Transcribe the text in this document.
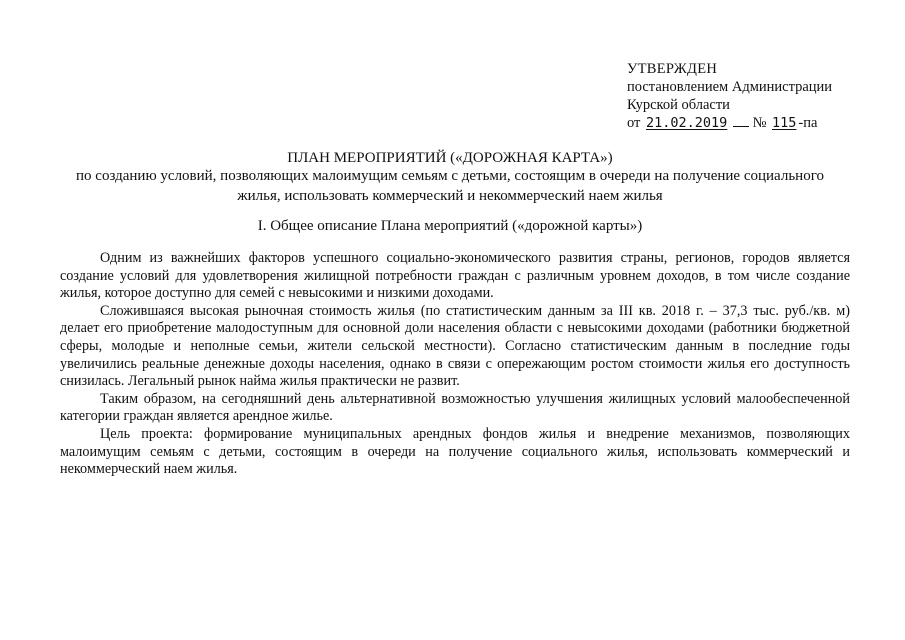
УТВЕРЖДЕН
постановлением Администрации
Курской области
от 21.02.2019 № 115 -па
ПЛАН МЕРОПРИЯТИЙ («ДОРОЖНАЯ КАРТА»)
по созданию условий, позволяющих малоимущим семьям с детьми, состоящим в очереди на получение социального
жилья, использовать коммерческий и некоммерческий наем жилья
I. Общее описание Плана мероприятий («дорожной карты»)

Одним из важнейших факторов успешного социально-экономического развития страны, регионов, городов является создание условий для удовлетворения жилищной потребности граждан с различным уровнем доходов, в том числе создание жилья, которое доступно для семей с невысокими и низкими доходами.

Сложившаяся высокая рыночная стоимость жилья (по статистическим данным за III кв. 2018 г. – 37,3 тыс. руб./кв. м) делает его приобретение малодоступным для основной доли населения области с невысокими доходами (работники бюджетной сферы, молодые и неполные семьи, жители сельской местности). Согласно статистическим данным в последние годы увеличились реальные денежные доходы населения, однако в связи с опережающим ростом стоимости жилья его доступность снизилась. Легальный рынок найма жилья практически не развит.

Таким образом, на сегодняшний день альтернативной возможностью улучшения жилищных условий малообеспеченной категории граждан является арендное жилье.

Цель проекта: формирование муниципальных арендных фондов жилья и внедрение механизмов, позволяющих малоимущим семьям с детьми, состоящим в очереди на получение социального жилья, использовать коммерческий и некоммерческий наем жилья.
